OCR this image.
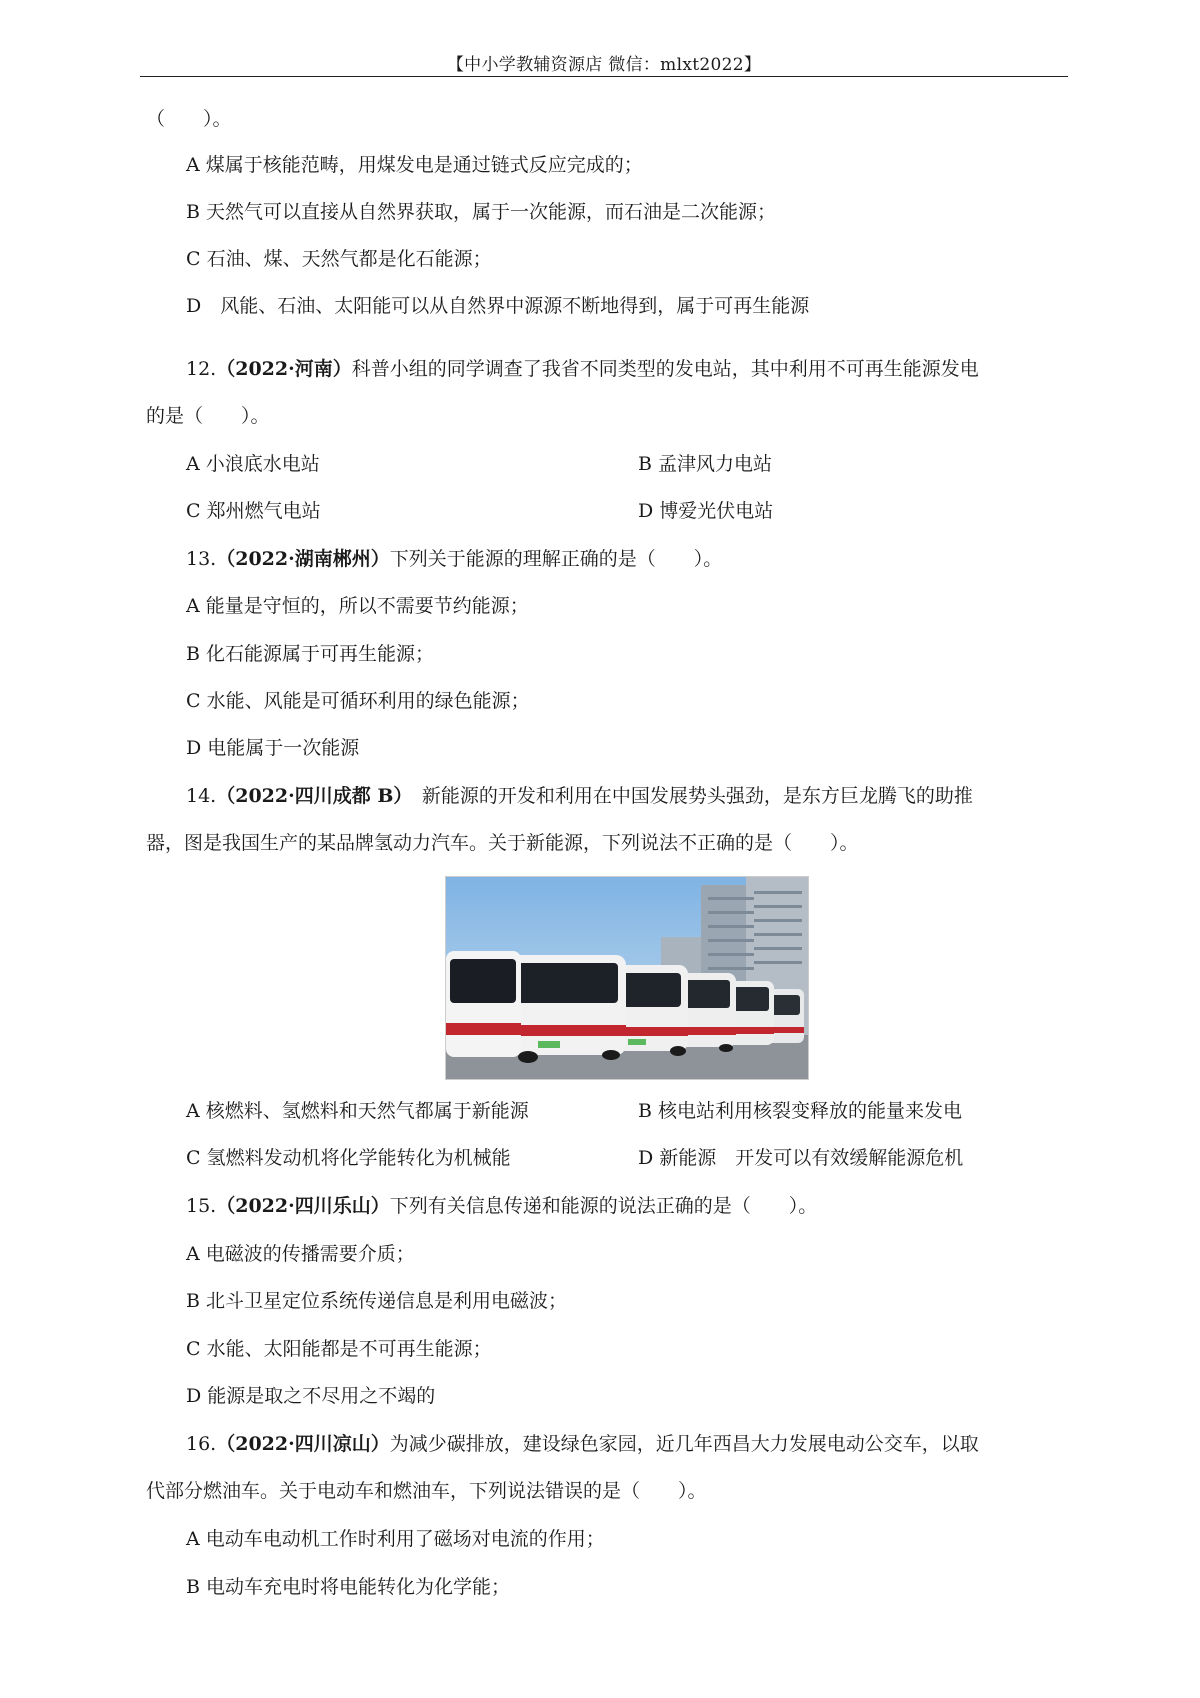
【中小学教辅资源店 微信：mlxt2022】
（　　）。
A 煤属于核能范畴，用煤发电是通过链式反应完成的；
B 天然气可以直接从自然界获取，属于一次能源，而石油是二次能源；
C 石油、煤、天然气都是化石能源；
D　风能、石油、太阳能可以从自然界中源源不断地得到，属于可再生能源
12.（2022·河南）科普小组的同学调查了我省不同类型的发电站，其中利用不可再生能源发电
的是（　　）。
A 小浪底水电站	B 孟津风力电站
C 郑州燃气电站	D 博爱光伏电站
13.（2022·湖南郴州）下列关于能源的理解正确的是（　　）。
A 能量是守恒的，所以不需要节约能源；
B 化石能源属于可再生能源；
C 水能、风能是可循环利用的绿色能源；
D 电能属于一次能源
14.（2022·四川成都 B）　新能源的开发和利用在中国发展势头强劲，是东方巨龙腾飞的助推
器，图是我国生产的某品牌氢动力汽车。关于新能源，下列说法不正确的是（　　）。
A 核燃料、氢燃料和天然气都属于新能源	B 核电站利用核裂变释放的能量来发电
C 氢燃料发动机将化学能转化为机械能	D 新能源　开发可以有效缓解能源危机
15.（2022·四川乐山）下列有关信息传递和能源的说法正确的是（　　）。
A 电磁波的传播需要介质；
B 北斗卫星定位系统传递信息是利用电磁波；
C 水能、太阳能都是不可再生能源；
D 能源是取之不尽用之不竭的
16.（2022·四川凉山）为减少碳排放，建设绿色家园，近几年西昌大力发展电动公交车，以取
代部分燃油车。关于电动车和燃油车，下列说法错误的是（　　）。
A 电动车电动机工作时利用了磁场对电流的作用；
B 电动车充电时将电能转化为化学能；
